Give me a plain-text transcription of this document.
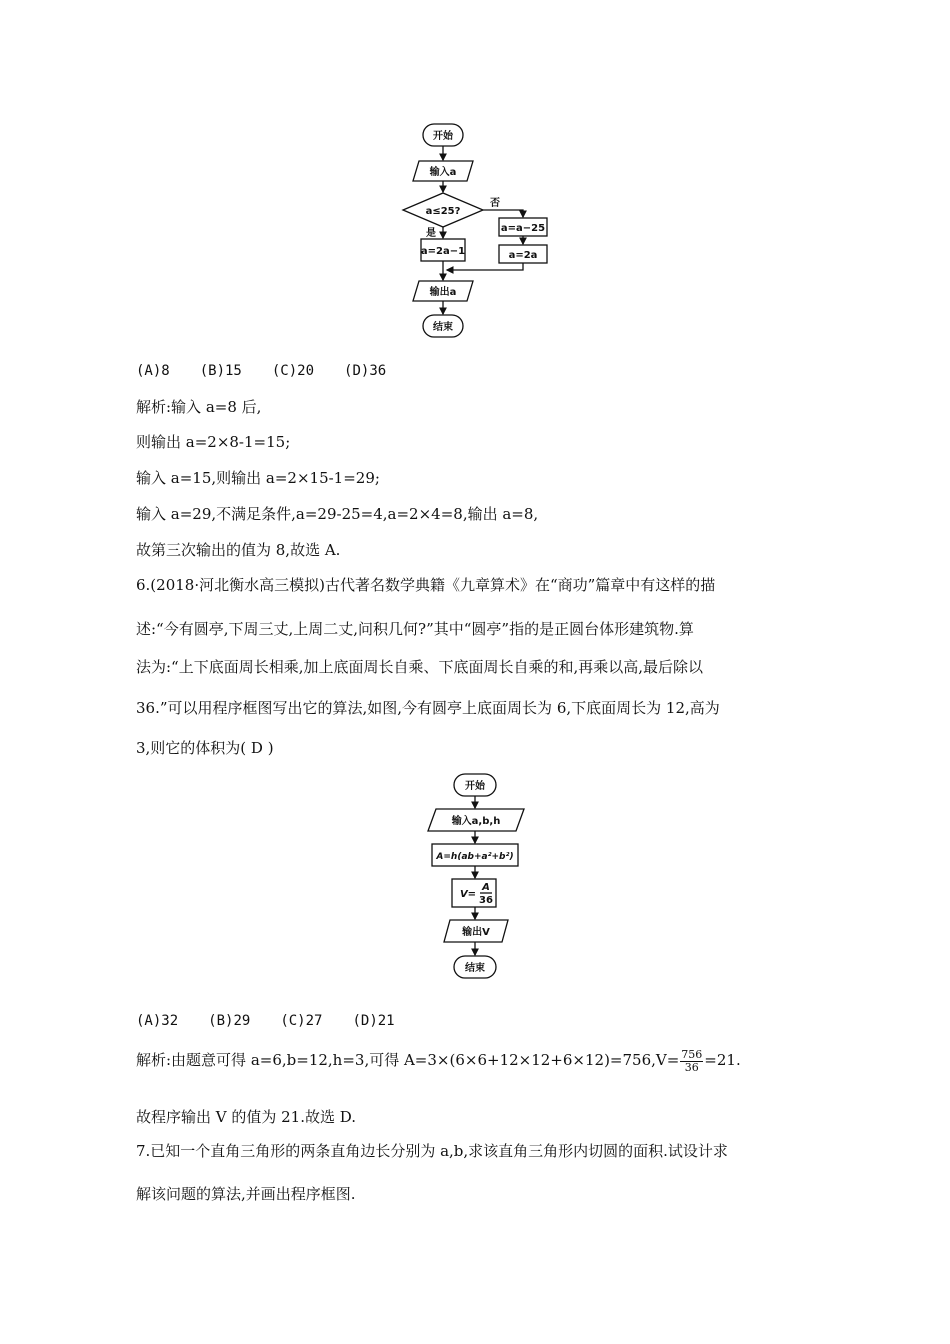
开始
输入a
a≤25?
否
是
a=2a−1
a=a−25
a=2a
输出a
结束
(A)8 (B)15 (C)20 (D)36
解析:输入 a=8 后,
则输出 a=2×8-1=15;
输入 a=15,则输出 a=2×15-1=29;
输入 a=29,不满足条件,a=29-25=4,a=2×4=8,输出 a=8,
故第三次输出的值为 8,故选 A.
6.(2018·河北衡水高三模拟)古代著名数学典籍《九章算术》在“商功”篇章中有这样的描
述:“今有圆亭,下周三丈,上周二丈,问积几何?”其中“圆亭”指的是正圆台体形建筑物.算
法为:“上下底面周长相乘,加上底面周长自乘、下底面周长自乘的和,再乘以高,最后除以
36.”可以用程序框图写出它的算法,如图,今有圆亭上底面周长为 6,下底面周长为 12,高为
3,则它的体积为( D )
开始
输入a,b,h
A=h(ab+a²+b²)
V=
A
36
输出V
结束
(A)32 (B)29 (C)27 (D)21
解析:由题意可得 a=6,b=12,h=3,可得 $A=3\times(6\times 6+12\times 12+6\times 12)=756,V= \frac{756}{36} =21$.
故程序输出 V 的值为 21.故选 D.
7.已知一个直角三角形的两条直角边长分别为 a,b,求该直角三角形内切圆的面积.试设计求
解该问题的算法,并画出程序框图.
